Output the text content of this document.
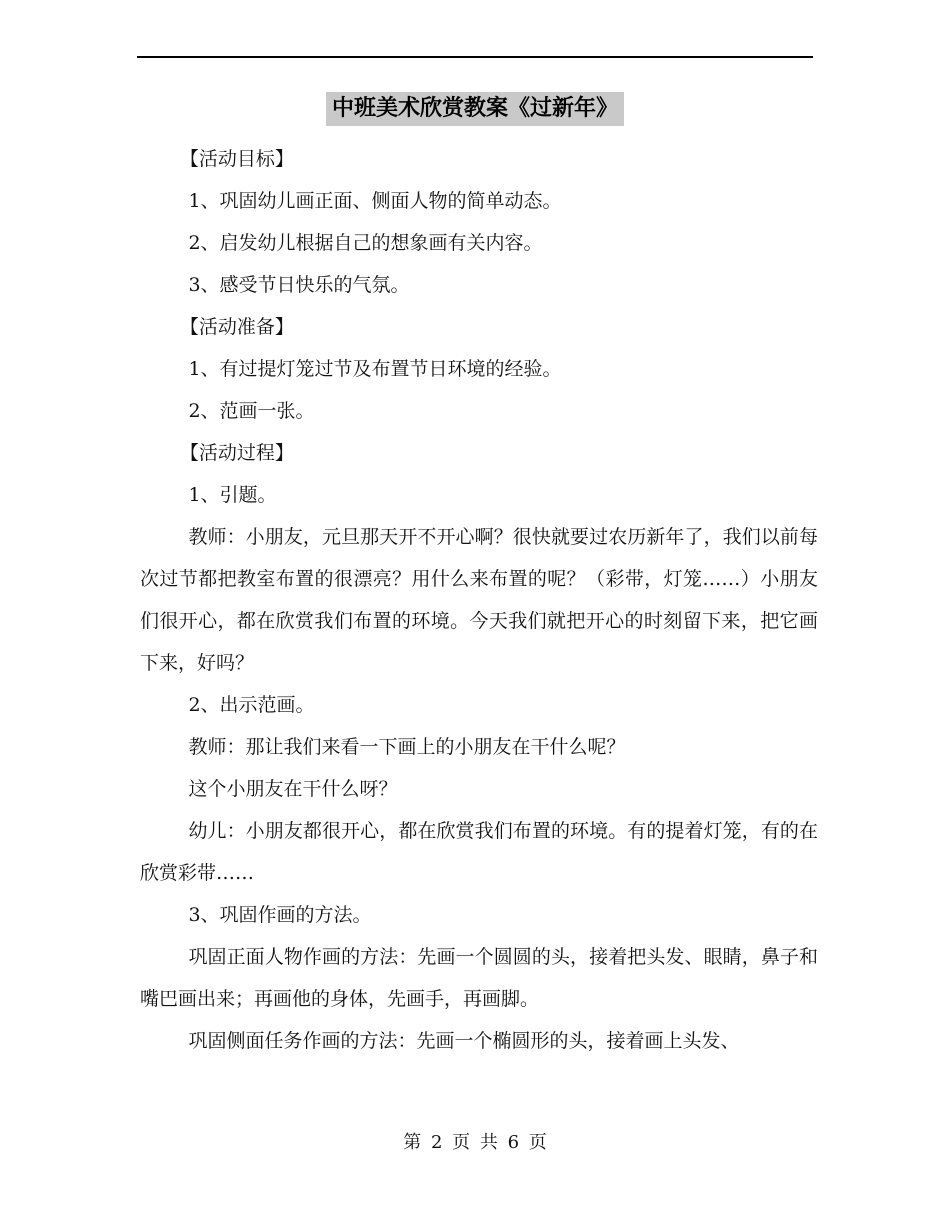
中班美术欣赏教案《过新年》

【活动目标】

1、巩固幼儿画正面、侧面人物的简单动态。

2、启发幼儿根据自己的想象画有关内容。

3、感受节日快乐的气氛。

【活动准备】

1、有过提灯笼过节及布置节日环境的经验。

2、范画一张。

【活动过程】

1、引题。

教师：小朋友，元旦那天开不开心啊？很快就要过农历新年了，我们以前每次过节都把教室布置的很漂亮？用什么来布置的呢？（彩带，灯笼……）小朋友们很开心，都在欣赏我们布置的环境。今天我们就把开心的时刻留下来，把它画下来，好吗？

2、出示范画。

教师：那让我们来看一下画上的小朋友在干什么呢？

这个小朋友在干什么呀？

幼儿：小朋友都很开心，都在欣赏我们布置的环境。有的提着灯笼，有的在欣赏彩带……

3、巩固作画的方法。

巩固正面人物作画的方法：先画一个圆圆的头，接着把头发、眼睛，鼻子和嘴巴画出来；再画他的身体，先画手，再画脚。

巩固侧面任务作画的方法：先画一个椭圆形的头，接着画上头发、

第 2 页 共 6 页
